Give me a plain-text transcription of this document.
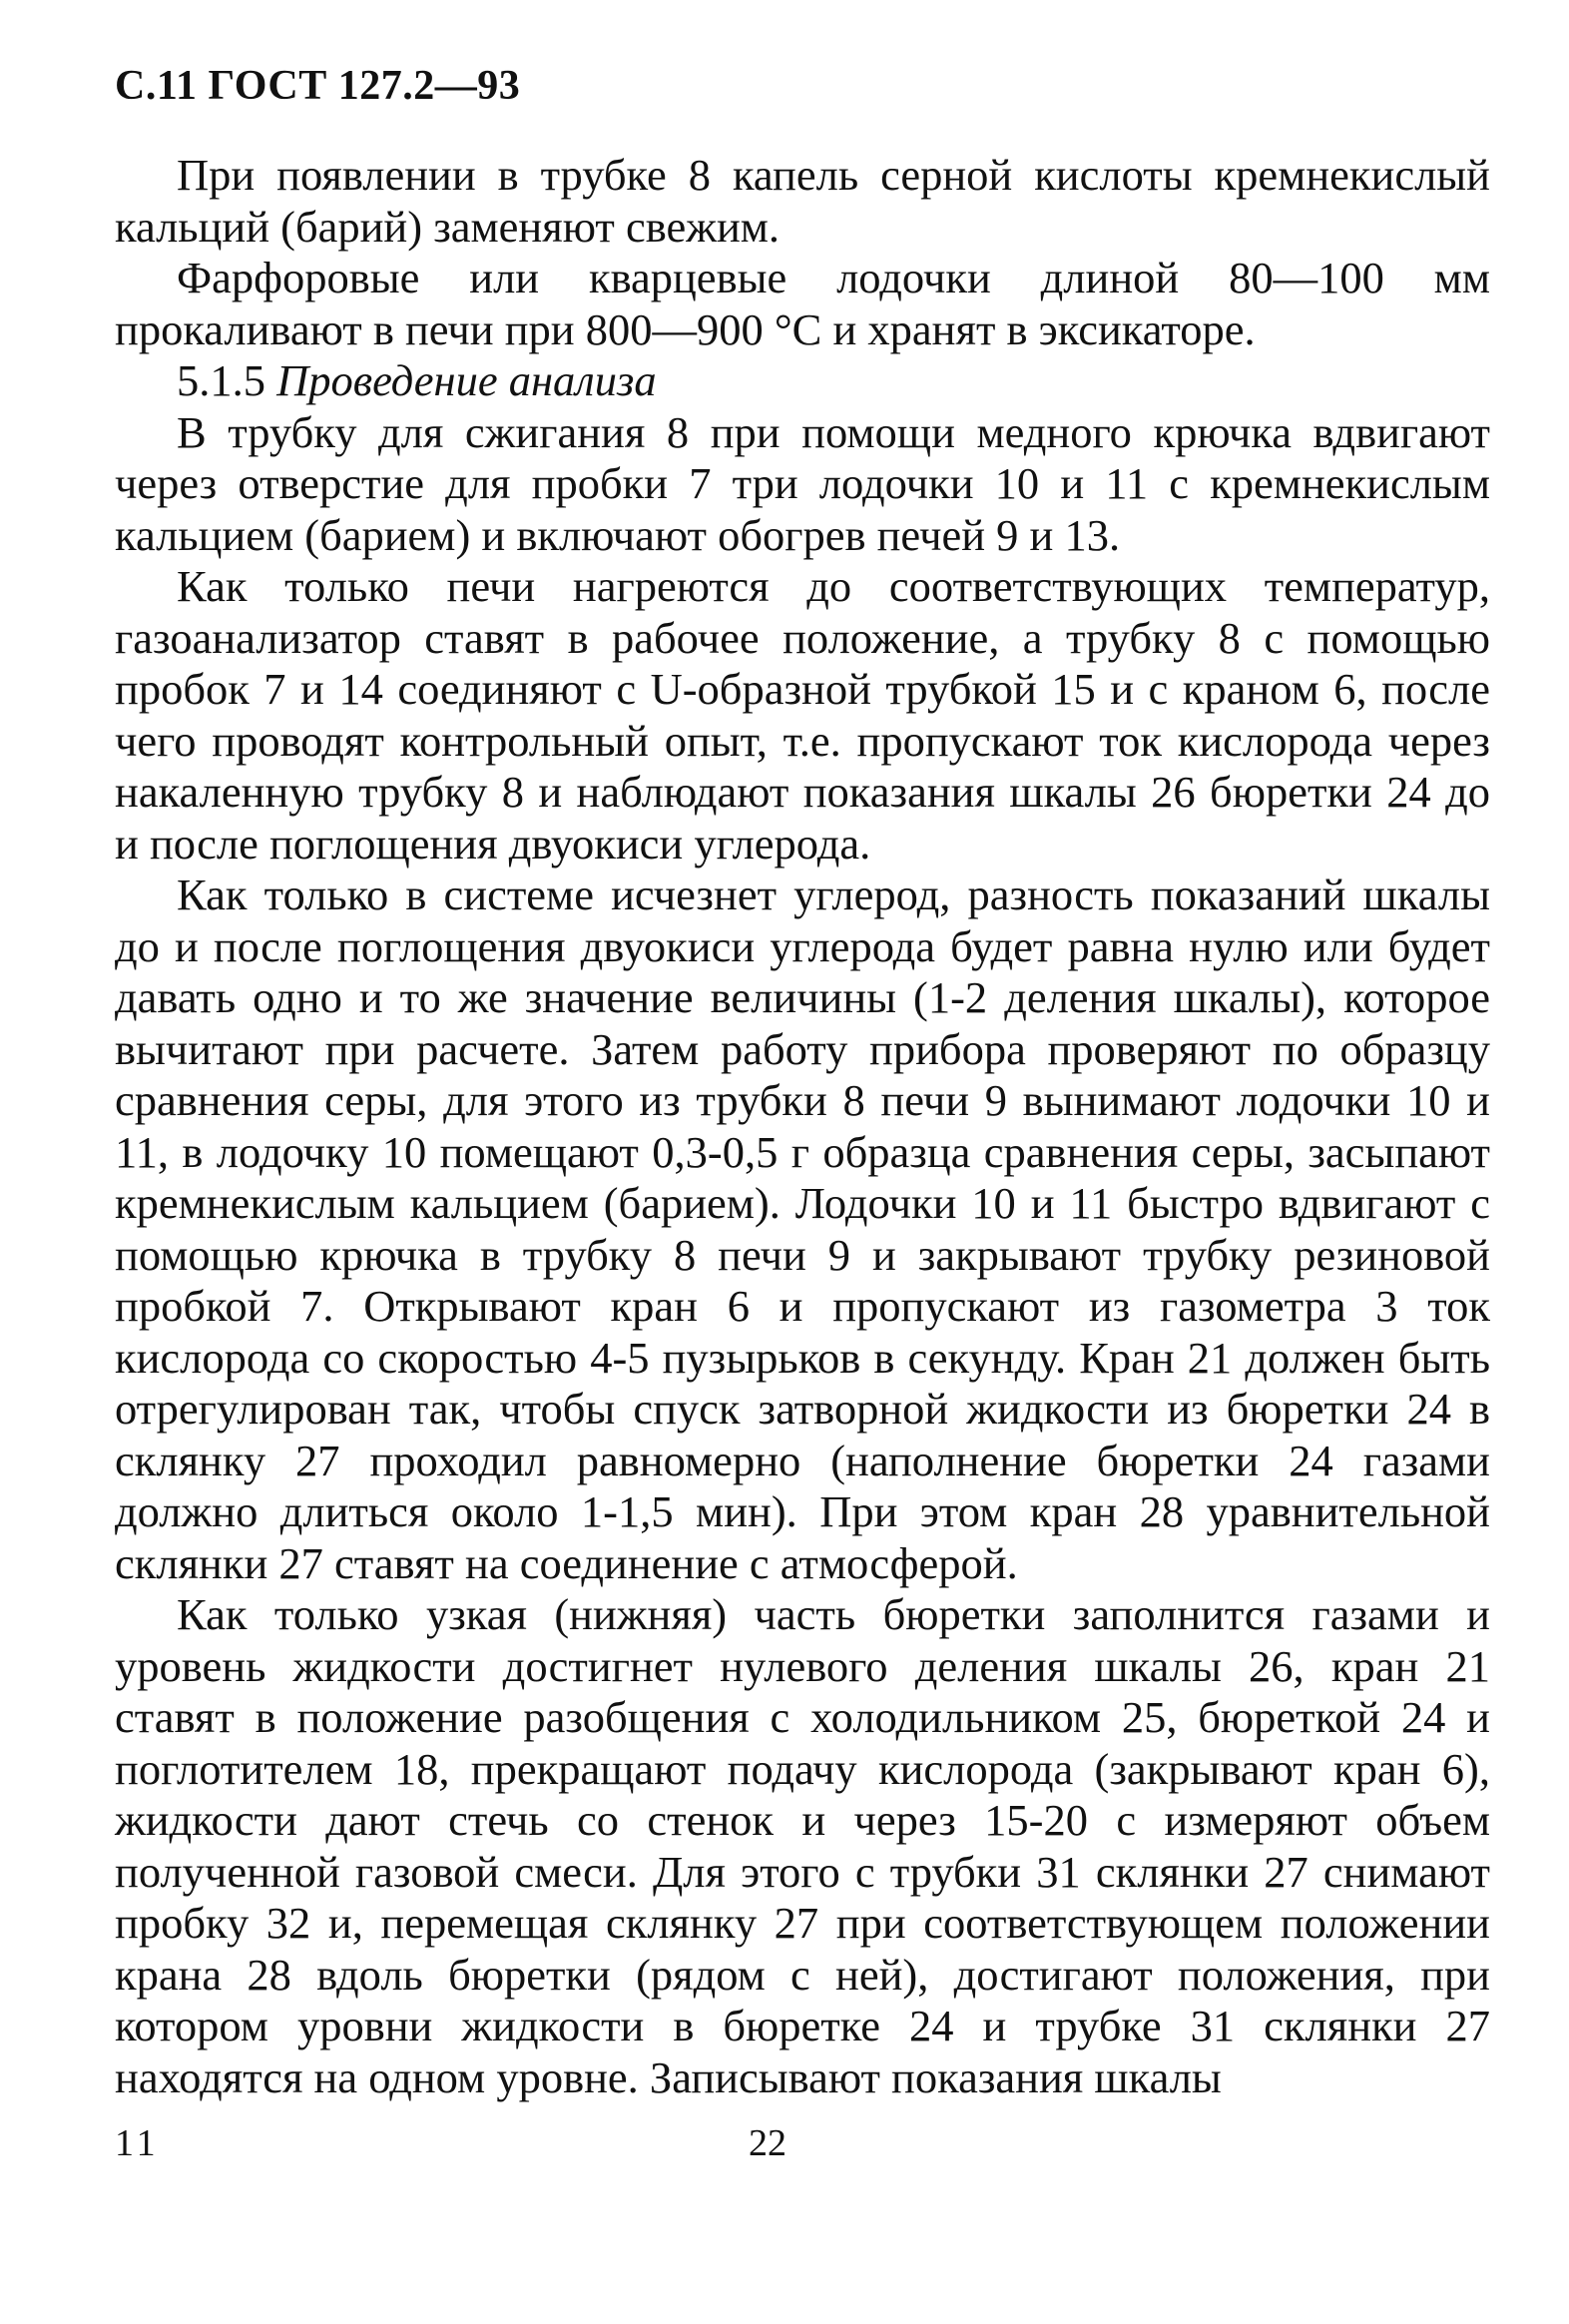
С.11 ГОСТ 127.2—93

При появлении в трубке 8 капель серной кислоты кремнекислый кальций (барий) заменяют свежим.

Фарфоровые или кварцевые лодочки длиной 80—100 мм прокаливают в печи при 800—900 °С и хранят в эксикаторе.

5.1.5 Проведение анализа

В трубку для сжигания 8 при помощи медного крючка вдвигают через отверстие для пробки 7 три лодочки 10 и 11 с кремнекислым кальцием (барием) и включают обогрев печей 9 и 13.

Как только печи нагреются до соответствующих температур, газоанализатор ставят в рабочее положение, а трубку 8 с помощью пробок 7 и 14 соединяют с U-образной трубкой 15 и с краном 6, после чего проводят контрольный опыт, т.е. пропускают ток кислорода через накаленную трубку 8 и наблюдают показания шкалы 26 бюретки 24 до и после поглощения двуокиси углерода.

Как только в системе исчезнет углерод, разность показаний шкалы до и после поглощения двуокиси углерода будет равна нулю или будет давать одно и то же значение величины (1-2 деления шкалы), которое вычитают при расчете. Затем работу прибора проверяют по образцу сравнения серы, для этого из трубки 8 печи 9 вынимают лодочки 10 и 11, в лодочку 10 помещают 0,3-0,5 г образца сравнения серы, засыпают кремнекислым кальцием (барием). Лодочки 10 и 11 быстро вдвигают с помощью крючка в трубку 8 печи 9 и закрывают трубку резиновой пробкой 7. Открывают кран 6 и пропускают из газометра 3 ток кислорода со скоростью 4-5 пузырьков в секунду. Кран 21 должен быть отрегулирован так, чтобы спуск затворной жидкости из бюретки 24 в склянку 27 проходил равномерно (наполнение бюретки 24 газами должно длиться около 1-1,5 мин). При этом кран 28 уравнительной склянки 27 ставят на соединение с атмосферой.

Как только узкая (нижняя) часть бюретки заполнится газами и уровень жидкости достигнет нулевого деления шкалы 26, кран 21 ставят в положение разобщения с холодильником 25, бюреткой 24 и поглотителем 18, прекращают подачу кислорода (закрывают кран 6), жидкости дают стечь со стенок и через 15-20 с измеряют объем полученной газовой смеси. Для этого с трубки 31 склянки 27 снимают пробку 32 и, перемещая склянку 27 при соответствующем положении крана 28 вдоль бюретки (рядом с ней), достигают положения, при котором уровни жидкости в бюретке 24 и трубке 31 склянки 27 находятся на одном уровне. Записывают показания шкалы

11	22
